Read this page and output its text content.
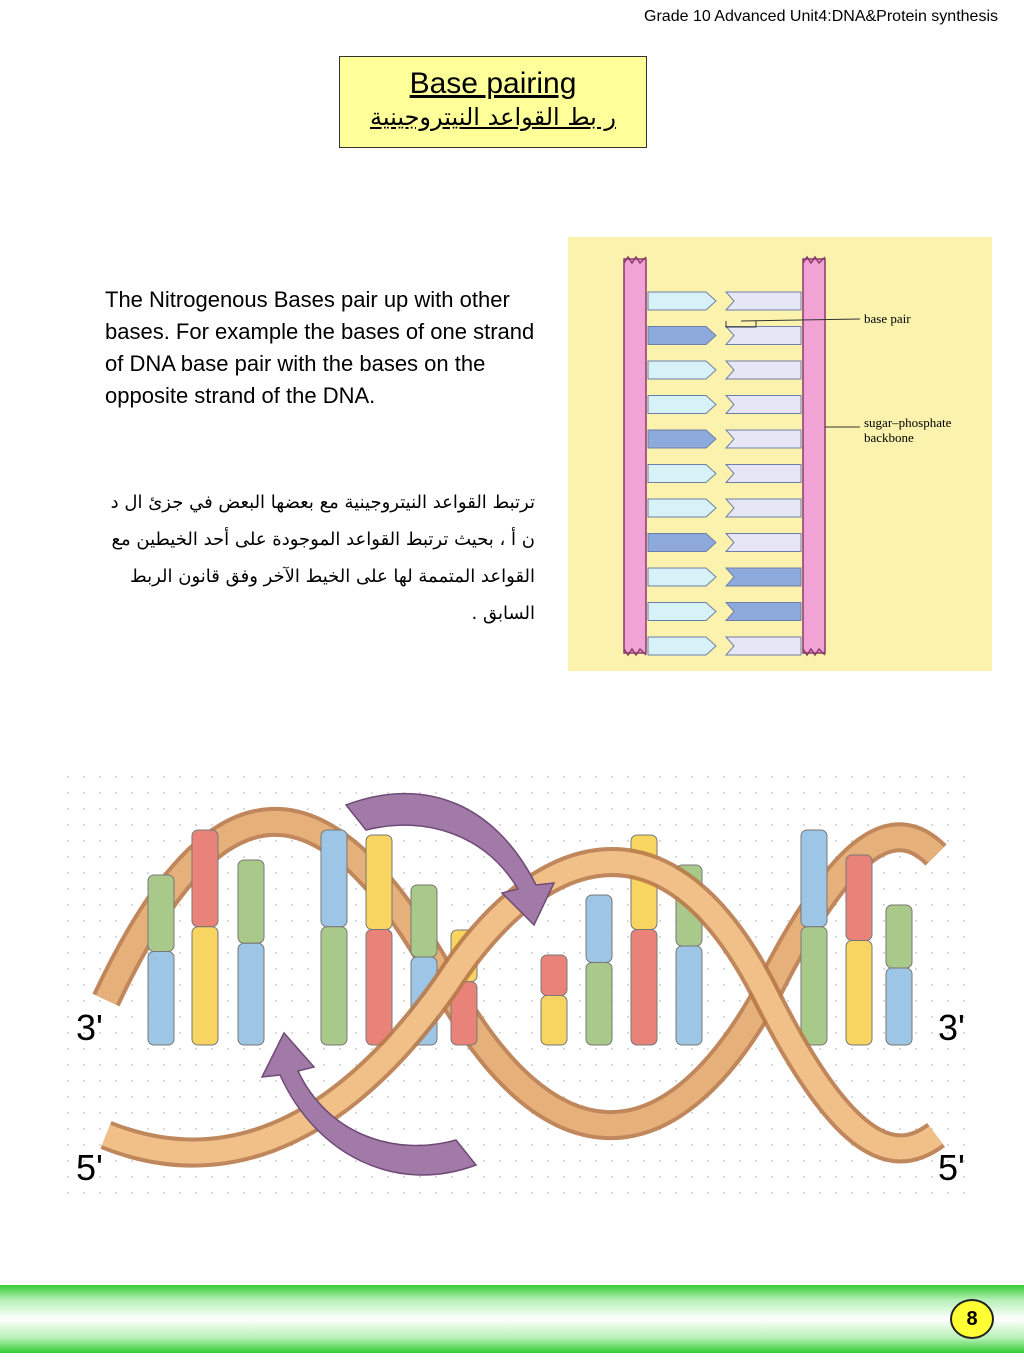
Grade 10 Advanced Unit4:DNA&Protein synthesis
Base pairing
ر بط القواعد النيتروجينية
The Nitrogenous Bases pair up with other bases. For example the bases of one strand of DNA base pair with the bases on the opposite strand of the DNA.
ترتبط القواعد النيتروجينية مع بعضها البعض في جزئ ال د ن أ ، بحيث ترتبط القواعد الموجودة على أحد الخيطين مع القواعد المتممة لها على الخيط الآخر وفق قانون الربط السابق .
base pair
sugar–phosphate
backbone
3'
5'
3'
5'
8
